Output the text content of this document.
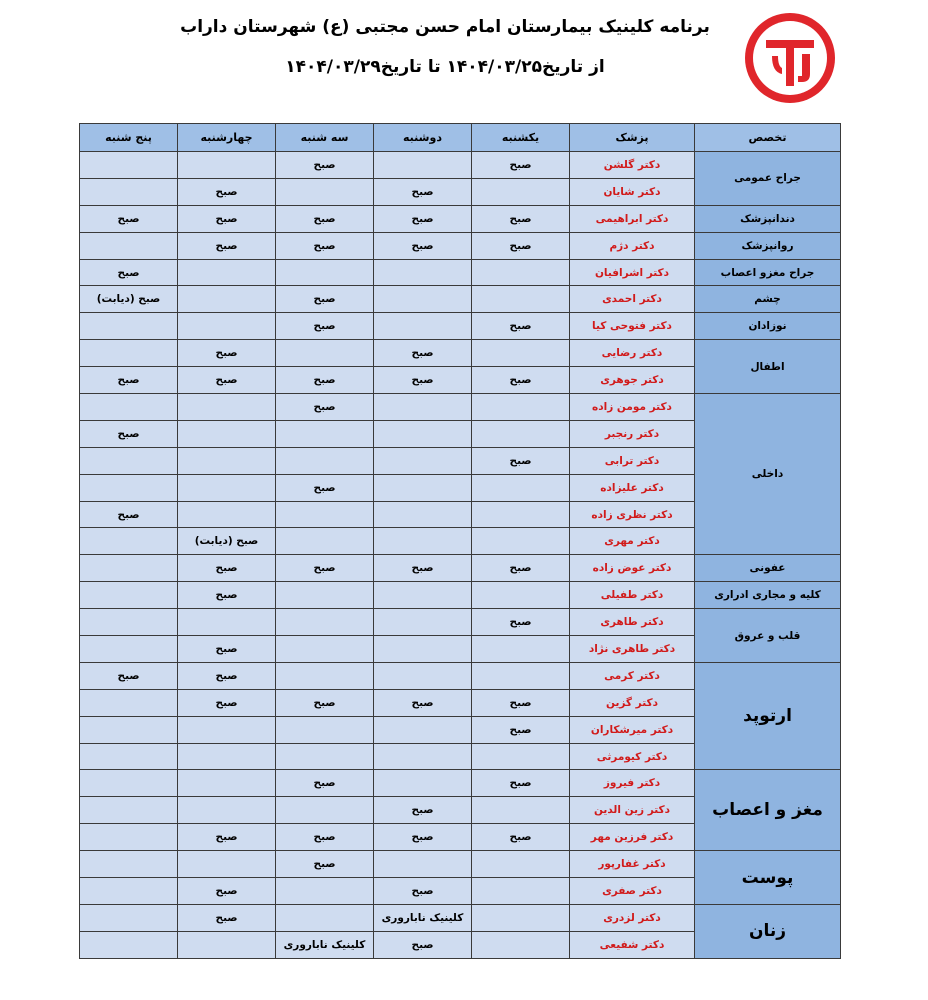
برنامه کلینیک بیمارستان امام حسن مجتبی (ع) شهرستان داراب
از تاریخ۱۴۰۴/۰۳/۲۵ تا تاریخ۱۴۰۴/۰۳/۲۹
تخصص	پزشک	یکشنبه	دوشنبه	سه شنبه	چهارشنبه	پنج شنبه
جراح عمومی	دکتر گلشن	صبح		صبح		
	دکتر شایان		صبح		صبح	
دندانپزشک	دکتر ابراهیمی	صبح	صبح	صبح	صبح	صبح
روانپزشک	دکتر دژم	صبح	صبح	صبح	صبح	
جراح مغزو اعصاب	دکتر اشرافیان					صبح
چشم	دکتر احمدی			صبح		صبح (دیابت)
نوزادان	دکتر فتوحی کیا	صبح		صبح		
اطفال	دکتر رضایی		صبح		صبح	
	دکتر جوهری	صبح	صبح	صبح	صبح	صبح
داخلی	دکتر مومن زاده			صبح		
	دکتر رنجبر					صبح
	دکتر ترابی	صبح				
	دکتر علیزاده			صبح		
	دکتر نظری زاده					صبح
	دکتر مهری				صبح (دیابت)	
عفونی	دکتر عوض زاده	صبح	صبح	صبح	صبح	
کلیه و مجاری ادراری	دکتر طفیلی				صبح	
قلب و عروق	دکتر طاهری	صبح				
	دکتر طاهری نژاد				صبح	
ارتوپد	دکتر کرمی				صبح	صبح
	دکتر گزین	صبح	صبح	صبح	صبح	
	دکتر میرشکاران	صبح				
	دکتر کیومرثی					
مغز و اعصاب	دکتر فیروز	صبح		صبح		
	دکتر زین الدین		صبح			
	دکتر فرزین مهر	صبح	صبح	صبح	صبح	
پوست	دکتر غفارپور			صبح		
	دکتر صفری		صبح		صبح	
زنان	دکتر لزدری		کلینیک ناباروری		صبح	
	دکتر شفیعی		صبح	کلینیک ناباروری		
